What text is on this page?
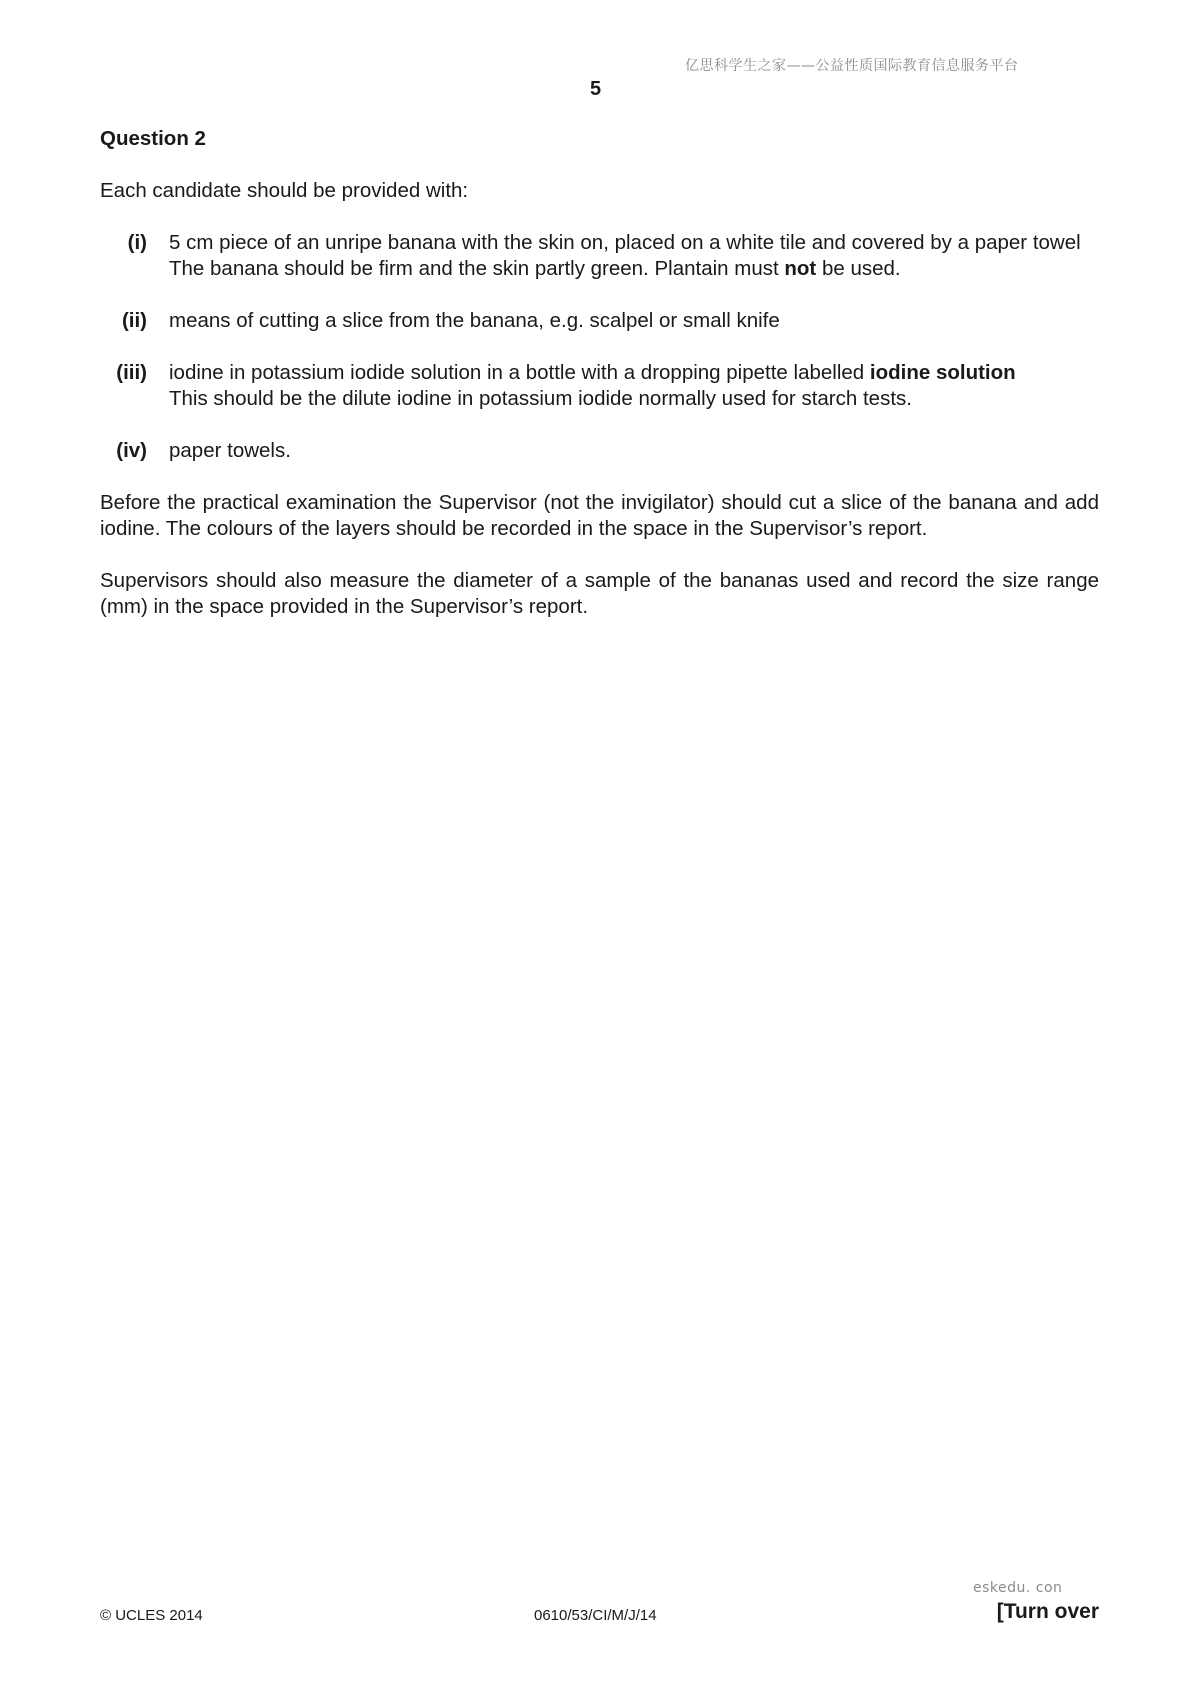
亿思科学生之家——公益性质国际教育信息服务平台
5
Question 2
Each candidate should be provided with:
(i)	5 cm piece of an unripe banana with the skin on, placed on a white tile and covered by a paper towel

The banana should be firm and the skin partly green. Plantain must not be used.

(ii)	means of cutting a slice from the banana, e.g. scalpel or small knife

(iii)	iodine in potassium iodide solution in a bottle with a dropping pipette labelled iodine solution

This should be the dilute iodine in potassium iodide normally used for starch tests.

(iv)	paper towels.

Before the practical examination the Supervisor (not the invigilator) should cut a slice of the banana and add iodine. The colours of the layers should be recorded in the space in the Supervisor’s report.

Supervisors should also measure the diameter of a sample of the bananas used and record the size range (mm) in the space provided in the Supervisor’s report.

eskedu. con
© UCLES 2014	0610/53/CI/M/J/14	[Turn over
